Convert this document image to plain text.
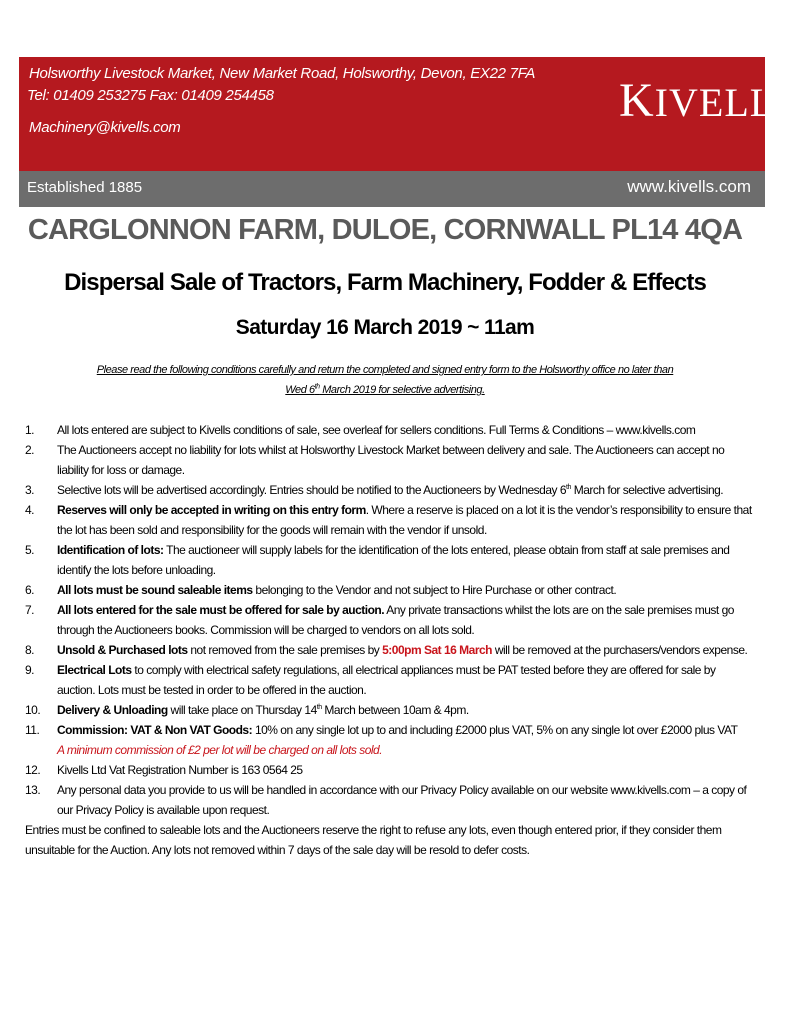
Holsworthy Livestock Market, New Market Road, Holsworthy, Devon, EX22 7FA
Tel: 01409 253275 Fax: 01409 254458
Machinery@kivells.com
KIVELLS
Established 1885	www.kivells.com
CARGLONNON FARM, DULOE, CORNWALL PL14 4QA
Dispersal Sale of Tractors, Farm Machinery, Fodder & Effects
Saturday 16 March 2019 ~ 11am
Please read the following conditions carefully and return the completed and signed entry form to the Holsworthy office no later than
Wed 6th March 2019 for selective advertising.
1. All lots entered are subject to Kivells conditions of sale, see overleaf for sellers conditions. Full Terms & Conditions – www.kivells.com
2. The Auctioneers accept no liability for lots whilst at Holsworthy Livestock Market between delivery and sale. The Auctioneers can accept no liability for loss or damage.
3. Selective lots will be advertised accordingly. Entries should be notified to the Auctioneers by Wednesday 6th March for selective advertising.
4. Reserves will only be accepted in writing on this entry form. Where a reserve is placed on a lot it is the vendor’s responsibility to ensure that the lot has been sold and responsibility for the goods will remain with the vendor if unsold.
5. Identification of lots: The auctioneer will supply labels for the identification of the lots entered, please obtain from staff at sale premises and identify the lots before unloading.
6. All lots must be sound saleable items belonging to the Vendor and not subject to Hire Purchase or other contract.
7. All lots entered for the sale must be offered for sale by auction. Any private transactions whilst the lots are on the sale premises must go through the Auctioneers books. Commission will be charged to vendors on all lots sold.
8. Unsold & Purchased lots not removed from the sale premises by 5:00pm Sat 16 March will be removed at the purchasers/vendors expense.
9. Electrical Lots to comply with electrical safety regulations, all electrical appliances must be PAT tested before they are offered for sale by auction. Lots must be tested in order to be offered in the auction.
10. Delivery & Unloading will take place on Thursday 14th March between 10am & 4pm.
11. Commission: VAT & Non VAT Goods: 10% on any single lot up to and including £2000 plus VAT, 5% on any single lot over £2000 plus VAT
A minimum commission of £2 per lot will be charged on all lots sold.
12. Kivells Ltd Vat Registration Number is 163 0564 25
13. Any personal data you provide to us will be handled in accordance with our Privacy Policy available on our website www.kivells.com – a copy of our Privacy Policy is available upon request.
Entries must be confined to saleable lots and the Auctioneers reserve the right to refuse any lots, even though entered prior, if they consider them unsuitable for the Auction. Any lots not removed within 7 days of the sale day will be resold to defer costs.
